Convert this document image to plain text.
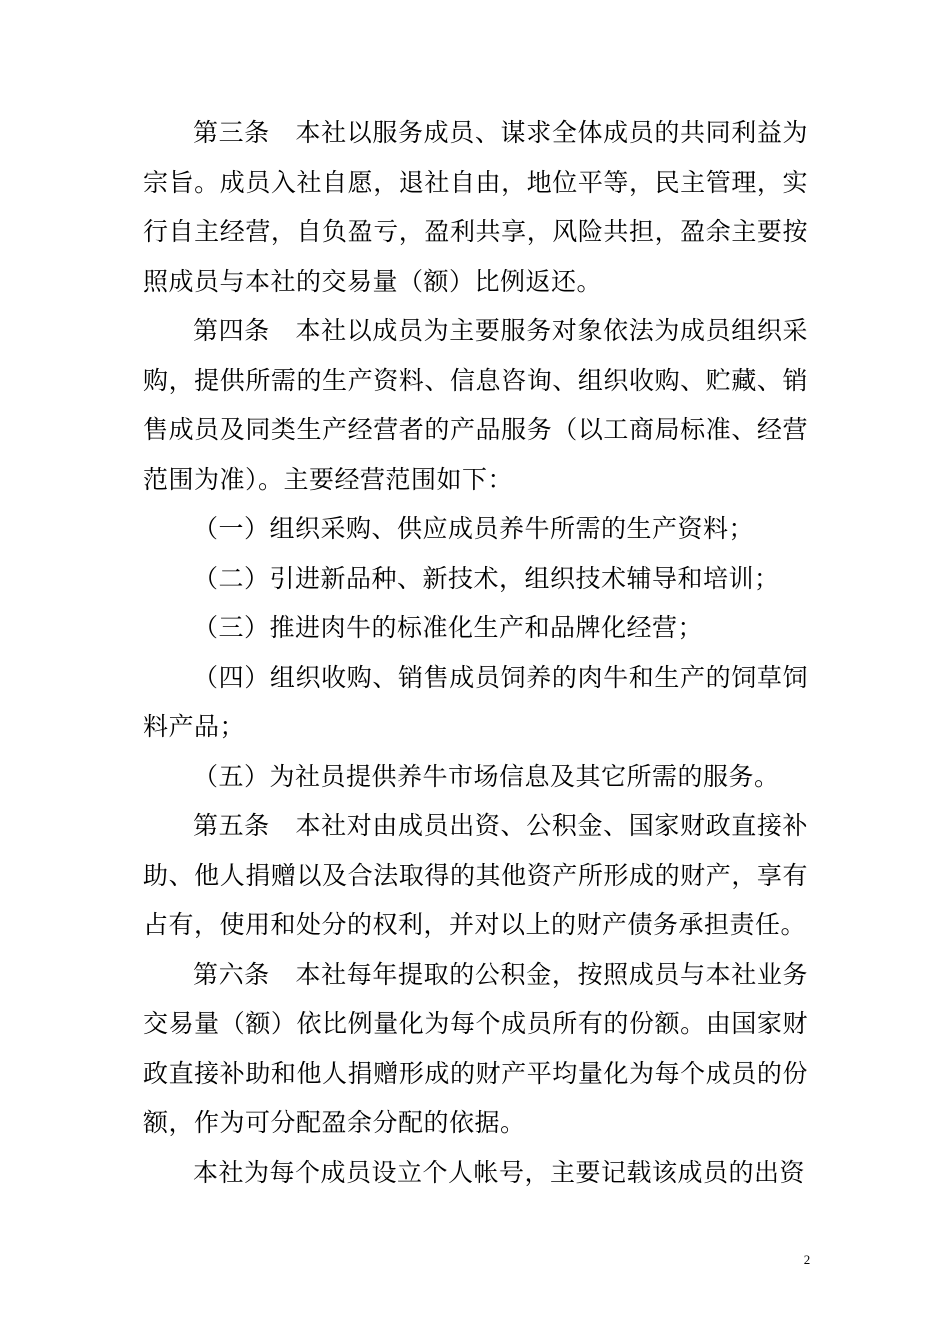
第三条　本社以服务成员、谋求全体成员的共同利益为宗旨。成员入社自愿，退社自由，地位平等，民主管理，实行自主经营，自负盈亏，盈利共享，风险共担，盈余主要按照成员与本社的交易量（额）比例返还。

第四条　本社以成员为主要服务对象依法为成员组织采购，提供所需的生产资料、信息咨询、组织收购、贮藏、销售成员及同类生产经营者的产品服务（以工商局标准、经营范围为准）。主要经营范围如下：

（一）组织采购、供应成员养牛所需的生产资料；

（二）引进新品种、新技术，组织技术辅导和培训；

（三）推进肉牛的标准化生产和品牌化经营；

（四）组织收购、销售成员饲养的肉牛和生产的饲草饲料产品；

（五）为社员提供养牛市场信息及其它所需的服务。

第五条　本社对由成员出资、公积金、国家财政直接补助、他人捐赠以及合法取得的其他资产所形成的财产，享有占有，使用和处分的权利，并对以上的财产债务承担责任。

第六条　本社每年提取的公积金，按照成员与本社业务交易量（额）依比例量化为每个成员所有的份额。由国家财政直接补助和他人捐赠形成的财产平均量化为每个成员的份额，作为可分配盈余分配的依据。

本社为每个成员设立个人帐号，主要记载该成员的出资

2
